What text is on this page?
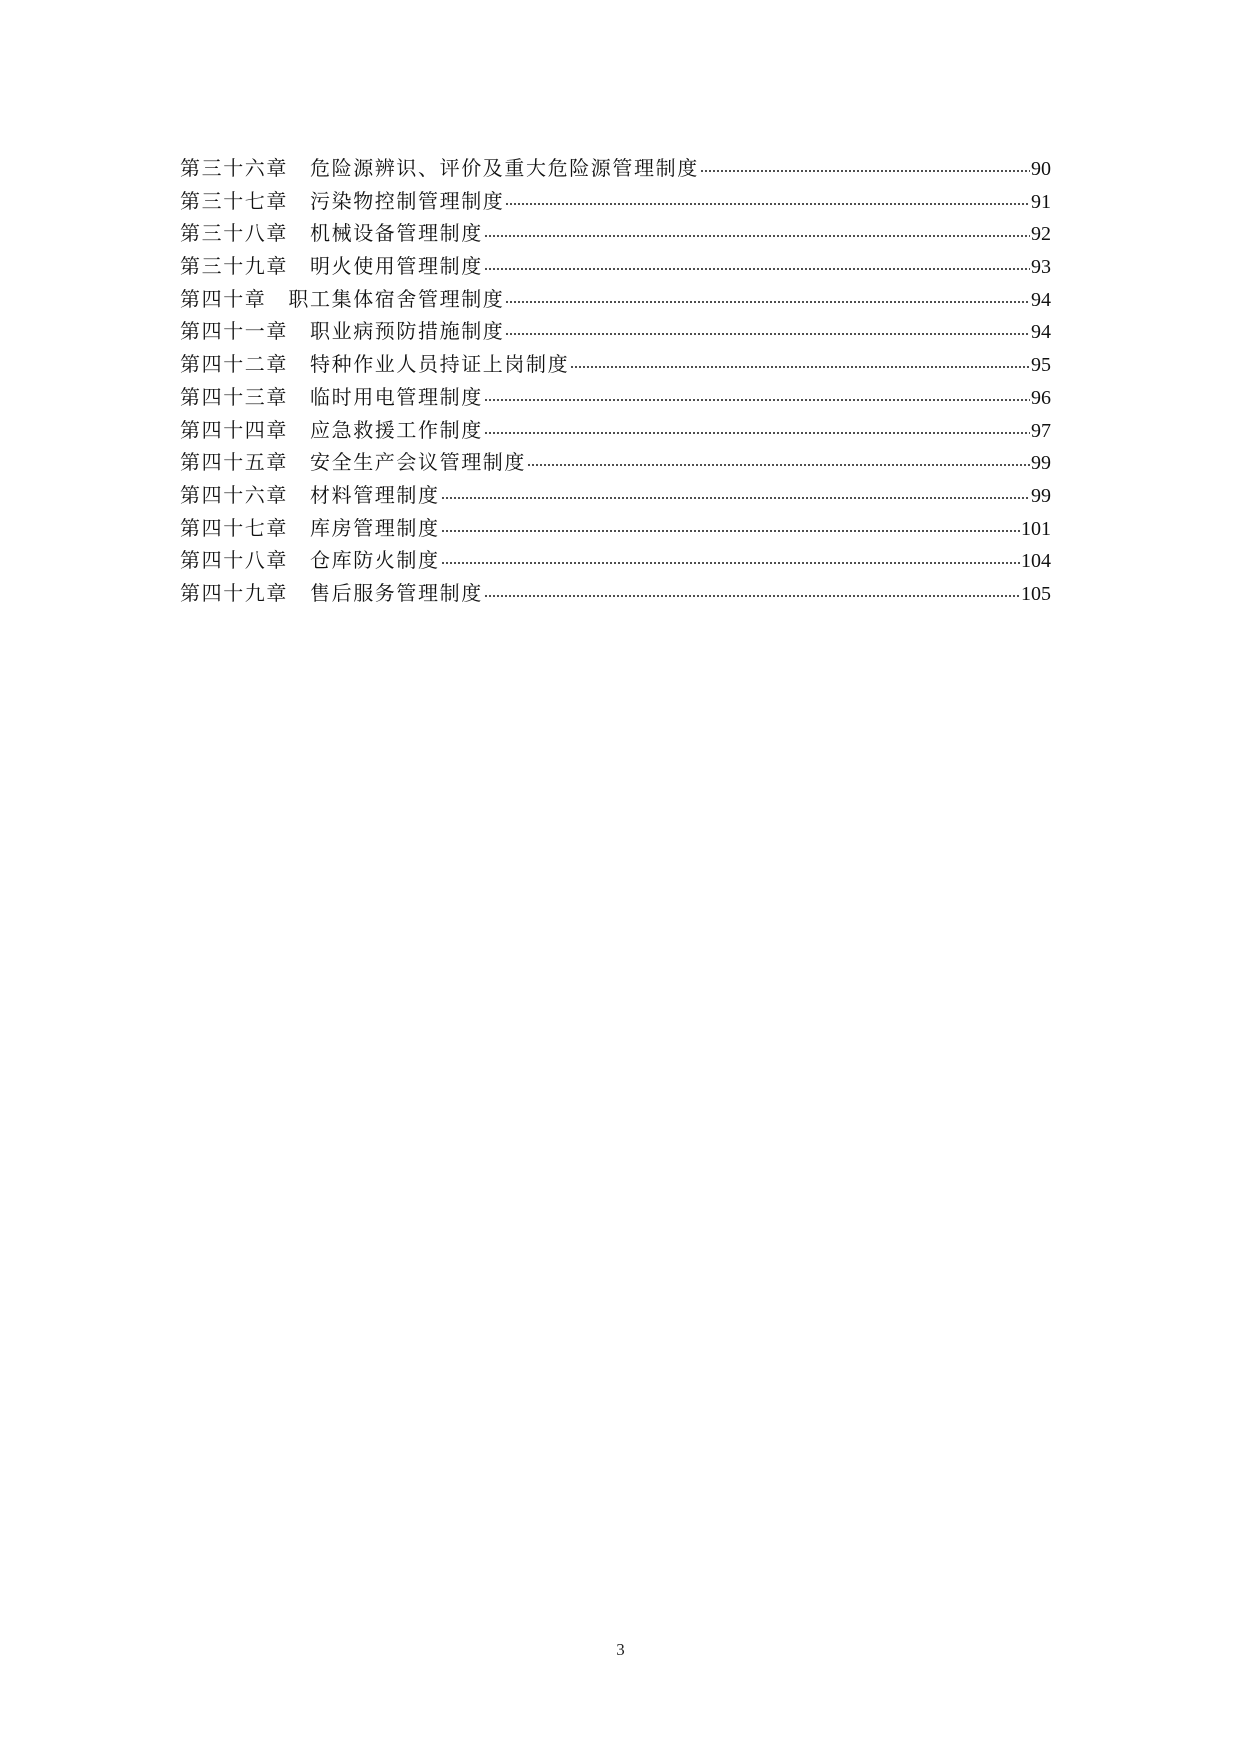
第三十六章 危险源辨识、评价及重大危险源管理制度	90
第三十七章 污染物控制管理制度	91
第三十八章 机械设备管理制度	92
第三十九章 明火使用管理制度	93
第四十章 职工集体宿舍管理制度	94
第四十一章 职业病预防措施制度	94
第四十二章 特种作业人员持证上岗制度	95
第四十三章 临时用电管理制度	96
第四十四章 应急救援工作制度	97
第四十五章 安全生产会议管理制度	99
第四十六章 材料管理制度	99
第四十七章 库房管理制度	101
第四十八章 仓库防火制度	104
第四十九章 售后服务管理制度	105
3
